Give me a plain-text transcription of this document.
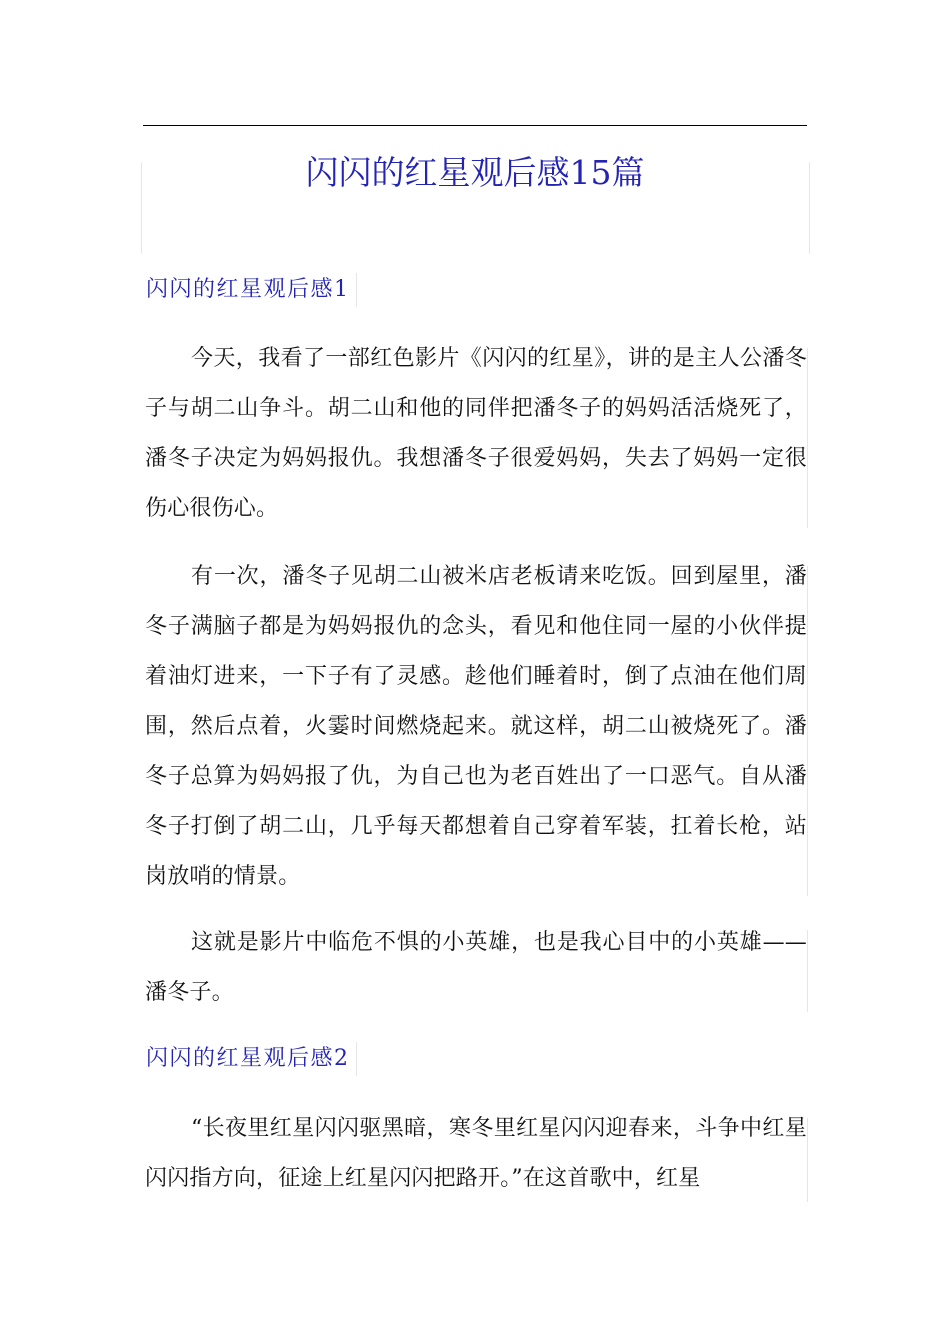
闪闪的红星观后感15篇
闪闪的红星观后感1

今天，我看了一部红色影片《闪闪的红星》，讲的是主人公潘冬子与胡二山争斗。胡二山和他的同伴把潘冬子的妈妈活活烧死了，潘冬子决定为妈妈报仇。我想潘冬子很爱妈妈，失去了妈妈一定很伤心很伤心。

有一次，潘冬子见胡二山被米店老板请来吃饭。回到屋里，潘冬子满脑子都是为妈妈报仇的念头，看见和他住同一屋的小伙伴提着油灯进来，一下子有了灵感。趁他们睡着时，倒了点油在他们周围，然后点着，火霎时间燃烧起来。就这样，胡二山被烧死了。潘冬子总算为妈妈报了仇，为自己也为老百姓出了一口恶气。自从潘冬子打倒了胡二山，几乎每天都想着自己穿着军装，扛着长枪，站岗放哨的情景。

这就是影片中临危不惧的小英雄，也是我心目中的小英雄——潘冬子。

闪闪的红星观后感2

“长夜里红星闪闪驱黑暗，寒冬里红星闪闪迎春来，斗争中红星闪闪指方向，征途上红星闪闪把路开。”在这首歌中，红星
